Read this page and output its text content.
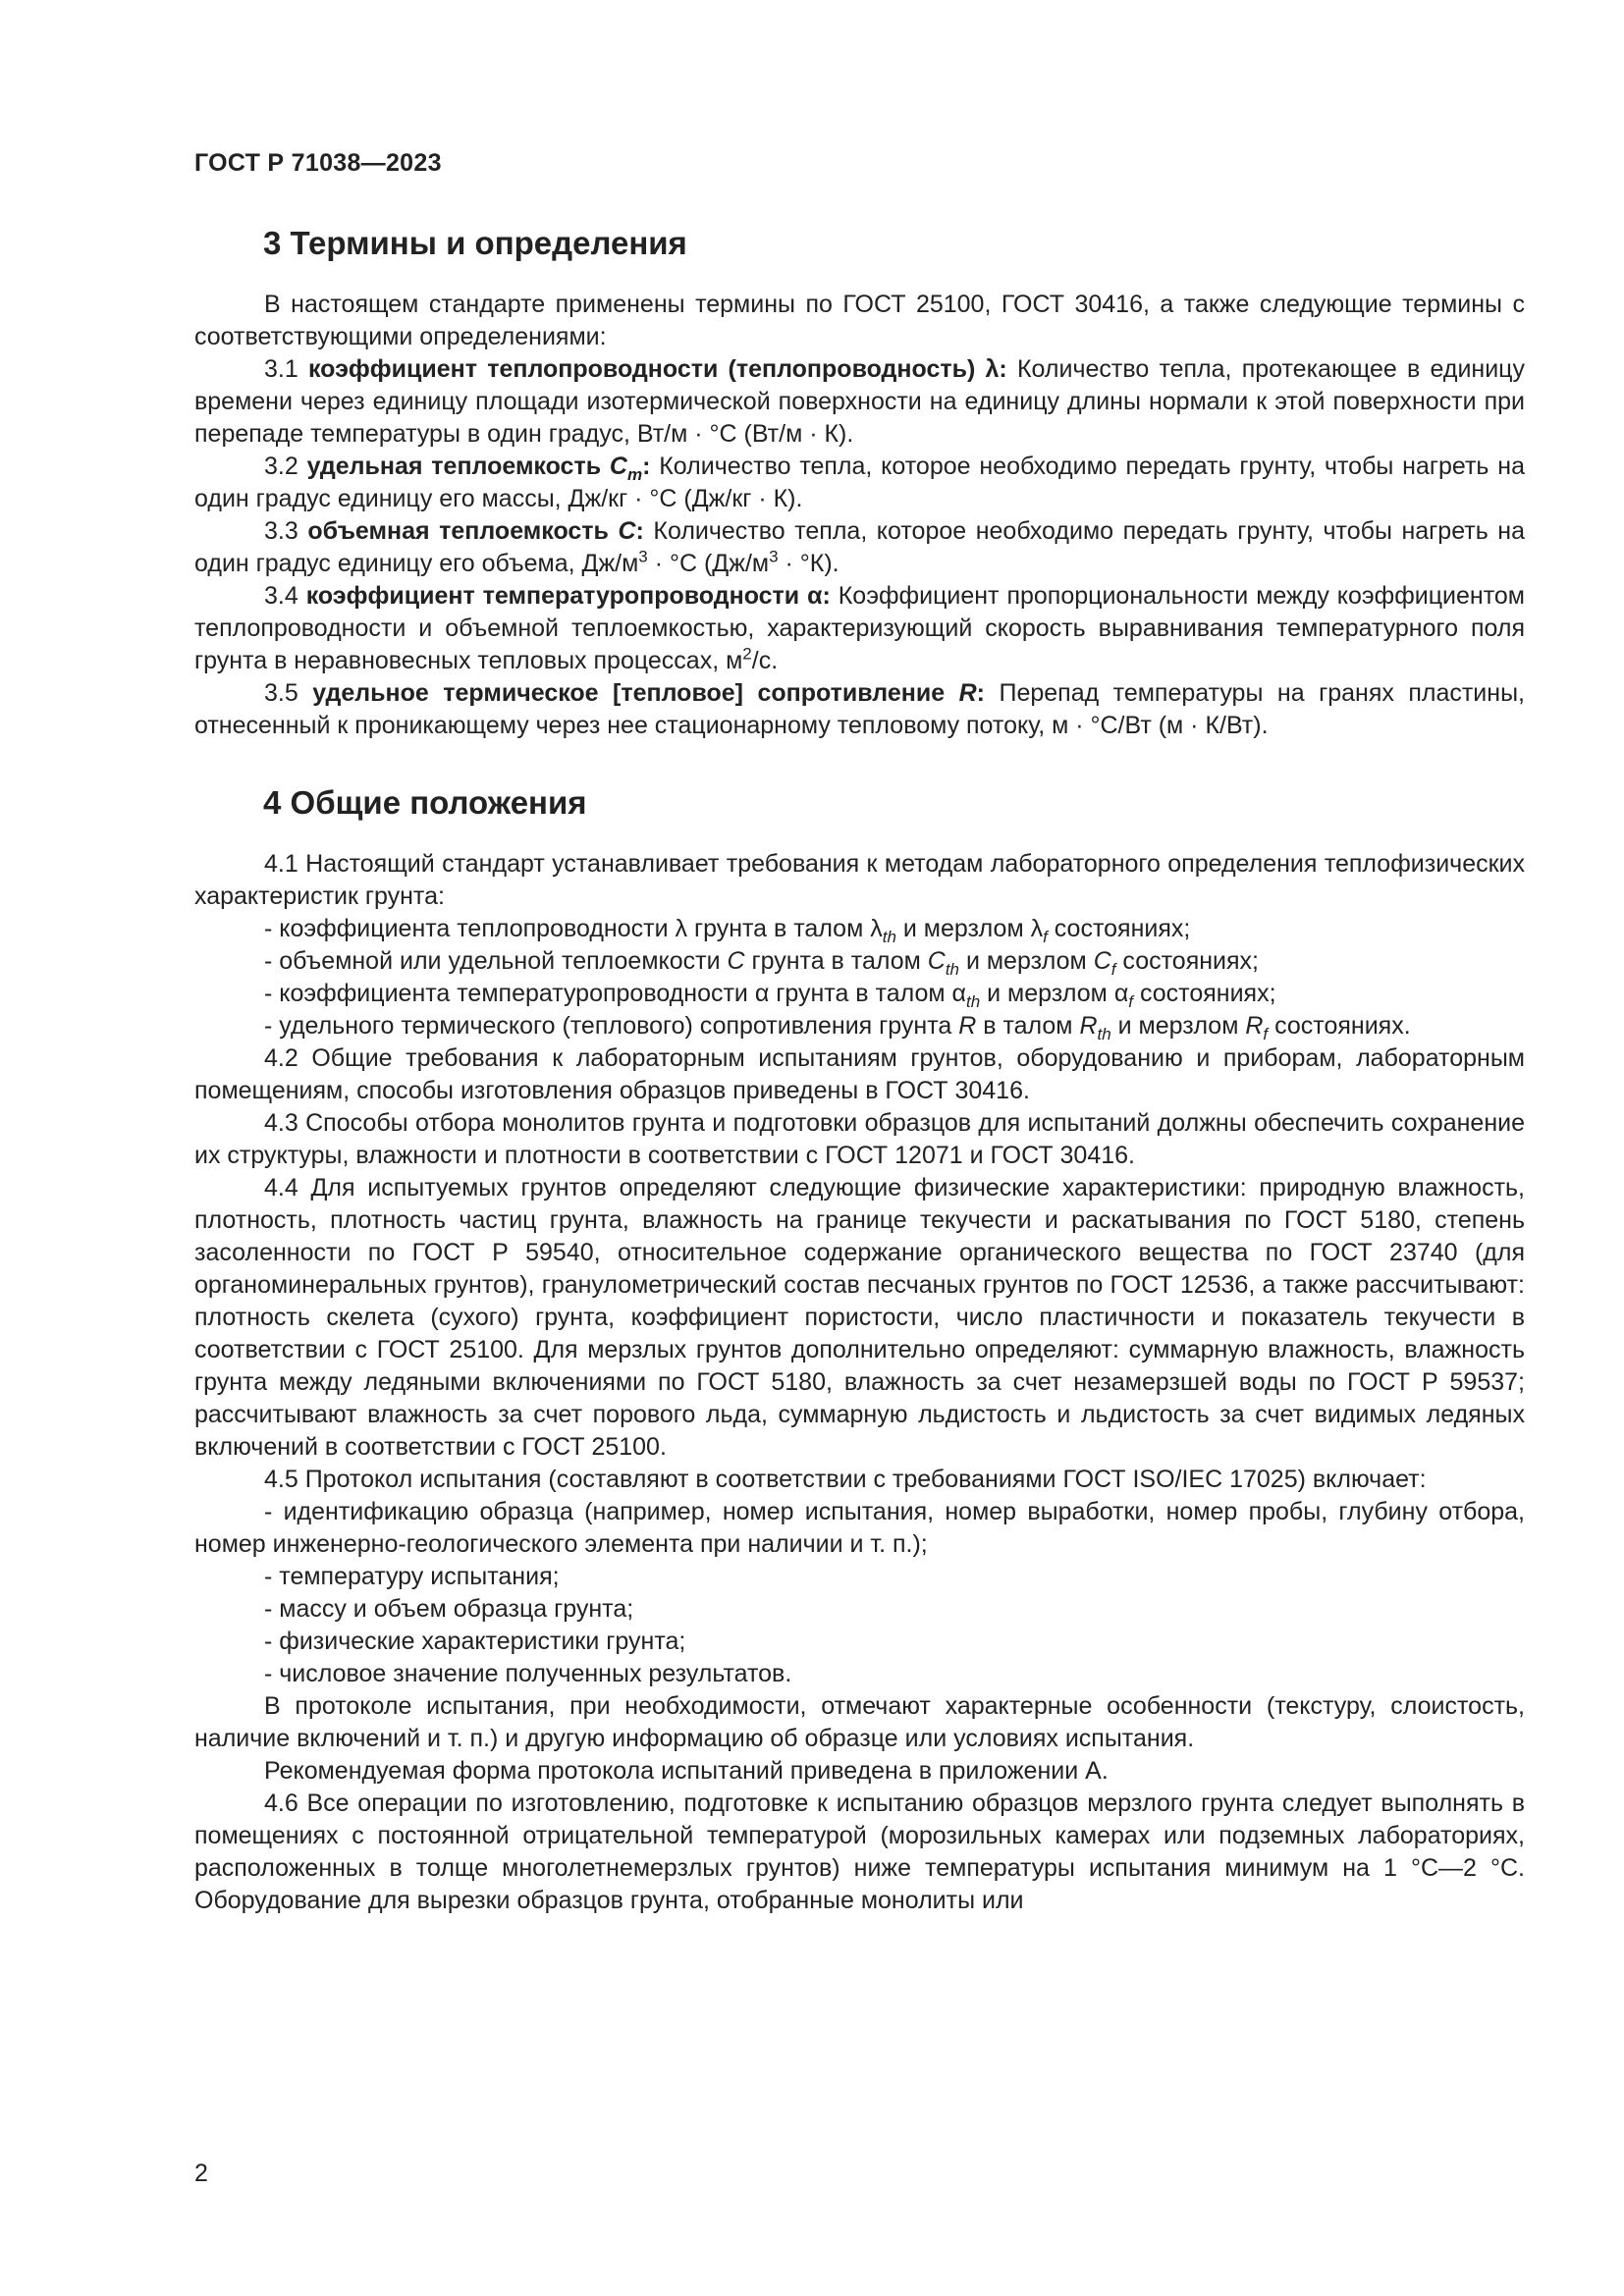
ГОСТ Р 71038—2023
3 Термины и определения

В настоящем стандарте применены термины по ГОСТ 25100, ГОСТ 30416, а также следующие термины с соответствующими определениями:

3.1 коэффициент теплопроводности (теплопроводность) λ: Количество тепла, протекающее в единицу времени через единицу площади изотермической поверхности на единицу длины нормали к этой поверхности при перепаде температуры в один градус, Вт/м · °С (Вт/м · К).

3.2 удельная теплоемкость $C_m$: Количество тепла, которое необходимо передать грунту, чтобы нагреть на один градус единицу его массы, Дж/кг · °С (Дж/кг · К).

3.3 объемная теплоемкость C: Количество тепла, которое необходимо передать грунту, чтобы нагреть на один градус единицу его объема, $Дж/м^3 \cdot ^\circ С$ $(Дж/м^3 \cdot ^\circ К)$.

3.4 коэффициент температуропроводности α: Коэффициент пропорциональности между коэффициентом теплопроводности и объемной теплоемкостью, характеризующий скорость выравнивания температурного поля грунта в неравновесных тепловых процессах, $м^2/с$.

3.5 удельное термическое [тепловое] сопротивление R: Перепад температуры на гранях пластины, отнесенный к проникающему через нее стационарному тепловому потоку, м · °С/Вт (м · К/Вт).

4 Общие положения

4.1 Настоящий стандарт устанавливает требования к методам лабораторного определения теплофизических характеристик грунта:

- коэффициента теплопроводности λ грунта в талом $\lambda_{th}$ и мерзлом $\lambda_f$ состояниях;

- объемной или удельной теплоемкости C грунта в талом $C_{th}$ и мерзлом $C_f$ состояниях;

- коэффициента температуропроводности α грунта в талом $\alpha_{th}$ и мерзлом $\alpha_f$ состояниях;

- удельного термического (теплового) сопротивления грунта R в талом $R_{th}$ и мерзлом $R_f$ состояниях.

4.2 Общие требования к лабораторным испытаниям грунтов, оборудованию и приборам, лабораторным помещениям, способы изготовления образцов приведены в ГОСТ 30416.

4.3 Способы отбора монолитов грунта и подготовки образцов для испытаний должны обеспечить сохранение их структуры, влажности и плотности в соответствии с ГОСТ 12071 и ГОСТ 30416.

4.4 Для испытуемых грунтов определяют следующие физические характеристики: природную влажность, плотность, плотность частиц грунта, влажность на границе текучести и раскатывания по ГОСТ 5180, степень засоленности по ГОСТ Р 59540, относительное содержание органического вещества по ГОСТ 23740 (для органоминеральных грунтов), гранулометрический состав песчаных грунтов по ГОСТ 12536, а также рассчитывают: плотность скелета (сухого) грунта, коэффициент пористости, число пластичности и показатель текучести в соответствии с ГОСТ 25100. Для мерзлых грунтов дополнительно определяют: суммарную влажность, влажность грунта между ледяными включениями по ГОСТ 5180, влажность за счет незамерзшей воды по ГОСТ Р 59537; рассчитывают влажность за счет порового льда, суммарную льдистость и льдистость за счет видимых ледяных включений в соответствии с ГОСТ 25100.

4.5 Протокол испытания (составляют в соответствии с требованиями ГОСТ ISO/IEC 17025) включает:

- идентификацию образца (например, номер испытания, номер выработки, номер пробы, глубину отбора, номер инженерно-геологического элемента при наличии и т. п.);

- температуру испытания;

- массу и объем образца грунта;

- физические характеристики грунта;

- числовое значение полученных результатов.

В протоколе испытания, при необходимости, отмечают характерные особенности (текстуру, слоистость, наличие включений и т. п.) и другую информацию об образце или условиях испытания.

Рекомендуемая форма протокола испытаний приведена в приложении А.

4.6 Все операции по изготовлению, подготовке к испытанию образцов мерзлого грунта следует выполнять в помещениях с постоянной отрицательной температурой (морозильных камерах или подземных лабораториях, расположенных в толще многолетнемерзлых грунтов) ниже температуры испытания минимум на 1 °С—2 °С. Оборудование для вырезки образцов грунта, отобранные монолиты или

2
